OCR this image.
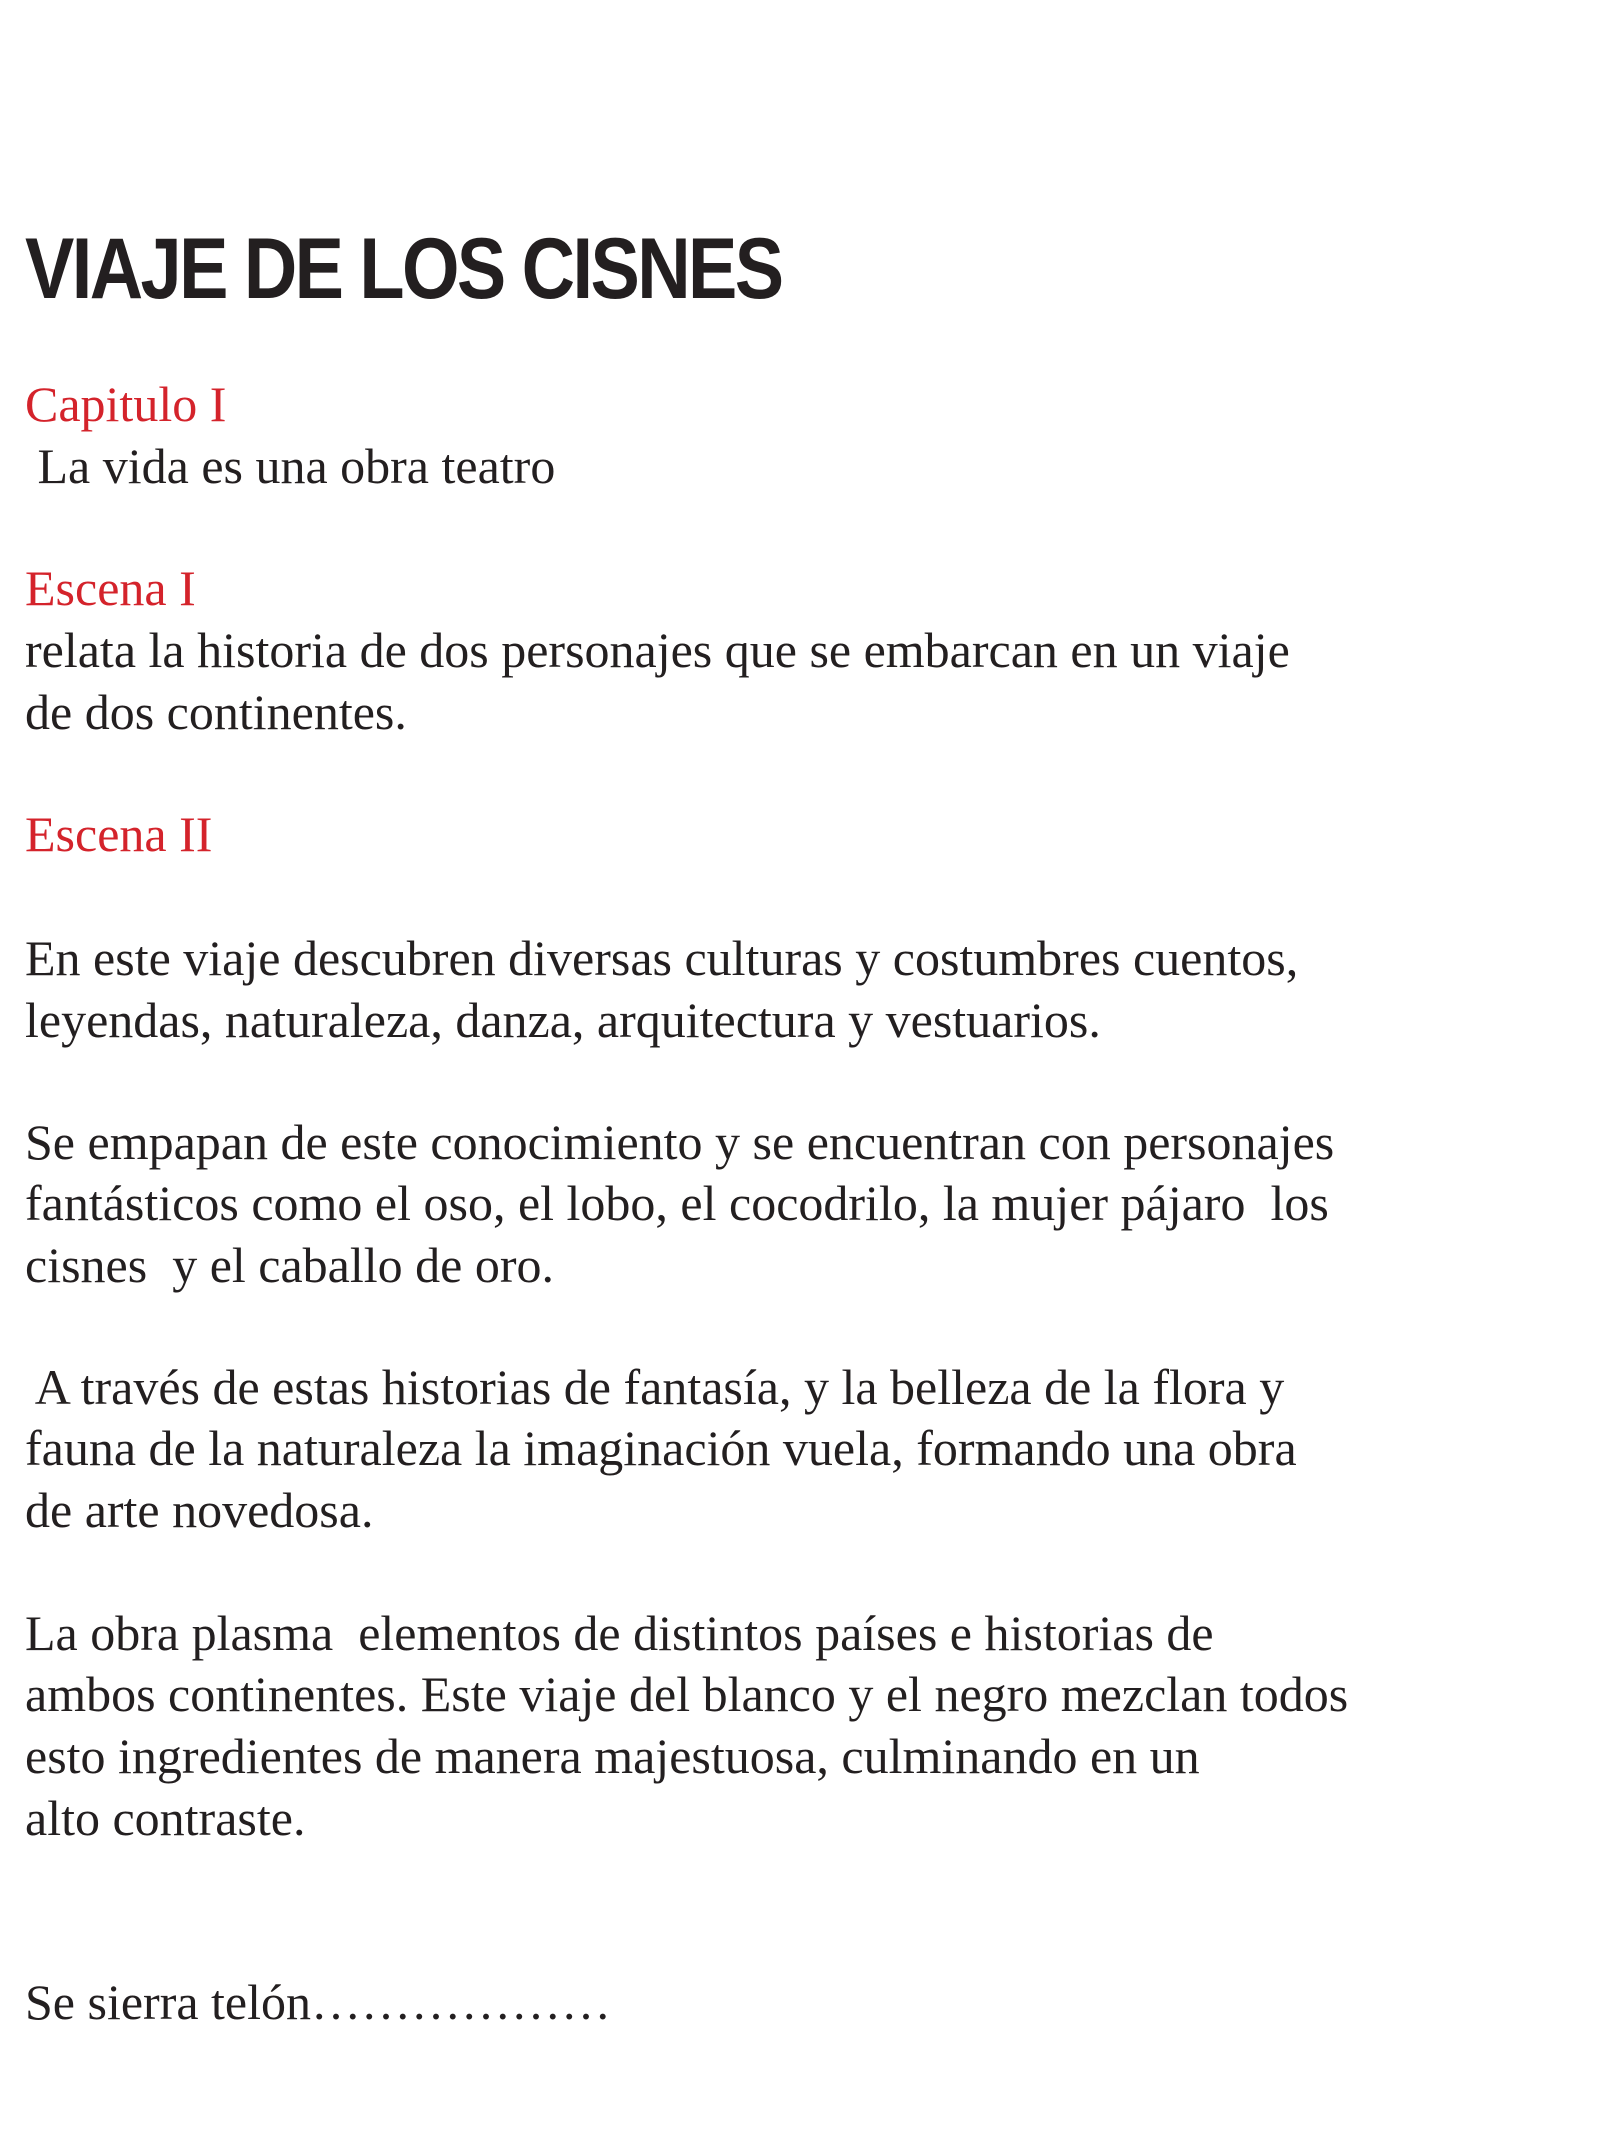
VIAJE DE LOS CISNES

Capitulo I

La vida es una obra teatro

Escena I

relata la historia de dos personajes que se embarcan en un viaje

de dos continentes.

Escena II

En este viaje descubren diversas culturas y costumbres cuentos,

leyendas, naturaleza, danza, arquitectura y vestuarios.

Se empapan de este conocimiento y se encuentran con personajes

fantásticos como el oso, el lobo, el cocodrilo, la mujer pájaro  los

cisnes  y el caballo de oro.

A través de estas historias de fantasía, y la belleza de la flora y

fauna de la naturaleza la imaginación vuela, formando una obra

de arte novedosa.

La obra plasma  elementos de distintos países e historias de

ambos continentes. Este viaje del blanco y el negro mezclan todos

esto ingredientes de manera majestuosa, culminando en un

alto contraste.

Se sierra telón………………
